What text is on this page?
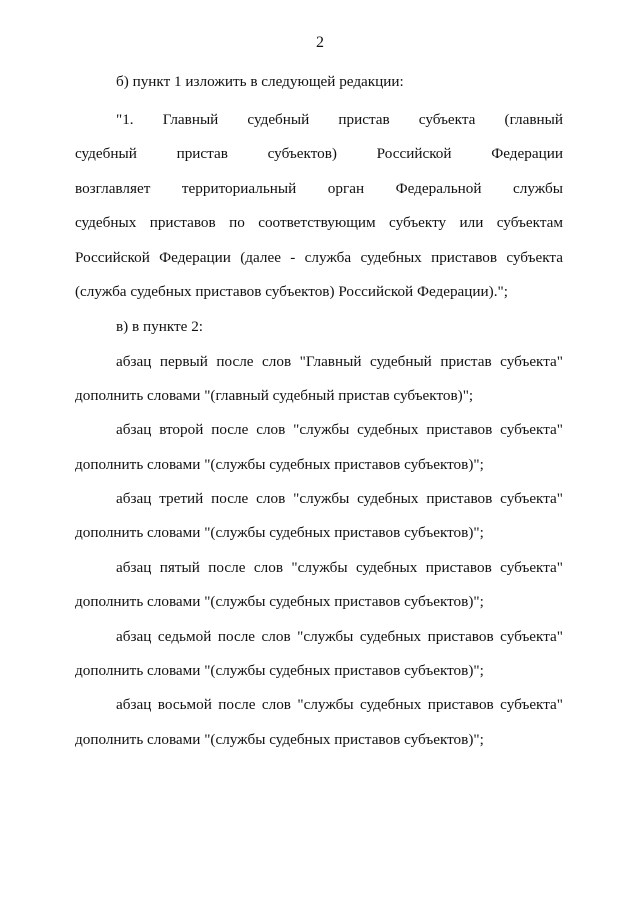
2
б) пункт 1 изложить в следующей редакции:
"1. Главный судебный пристав субъекта (главный
судебный пристав субъектов) Российской Федерации
возглавляет территориальный орган Федеральной службы
судебных приставов по соответствующим субъекту или субъектам
Российской Федерации (далее - служба судебных приставов субъекта
(служба судебных приставов субъектов) Российской Федерации).";
в) в пункте 2:
абзац первый после слов "Главный судебный пристав субъекта"
дополнить словами "(главный судебный пристав субъектов)";
абзац второй после слов "службы судебных приставов субъекта"
дополнить словами "(службы судебных приставов субъектов)";
абзац третий после слов "службы судебных приставов субъекта"
дополнить словами "(службы судебных приставов субъектов)";
абзац пятый после слов "службы судебных приставов субъекта"
дополнить словами "(службы судебных приставов субъектов)";
абзац седьмой после слов "службы судебных приставов субъекта"
дополнить словами "(службы судебных приставов субъектов)";
абзац восьмой после слов "службы судебных приставов субъекта"
дополнить словами "(службы судебных приставов субъектов)";
